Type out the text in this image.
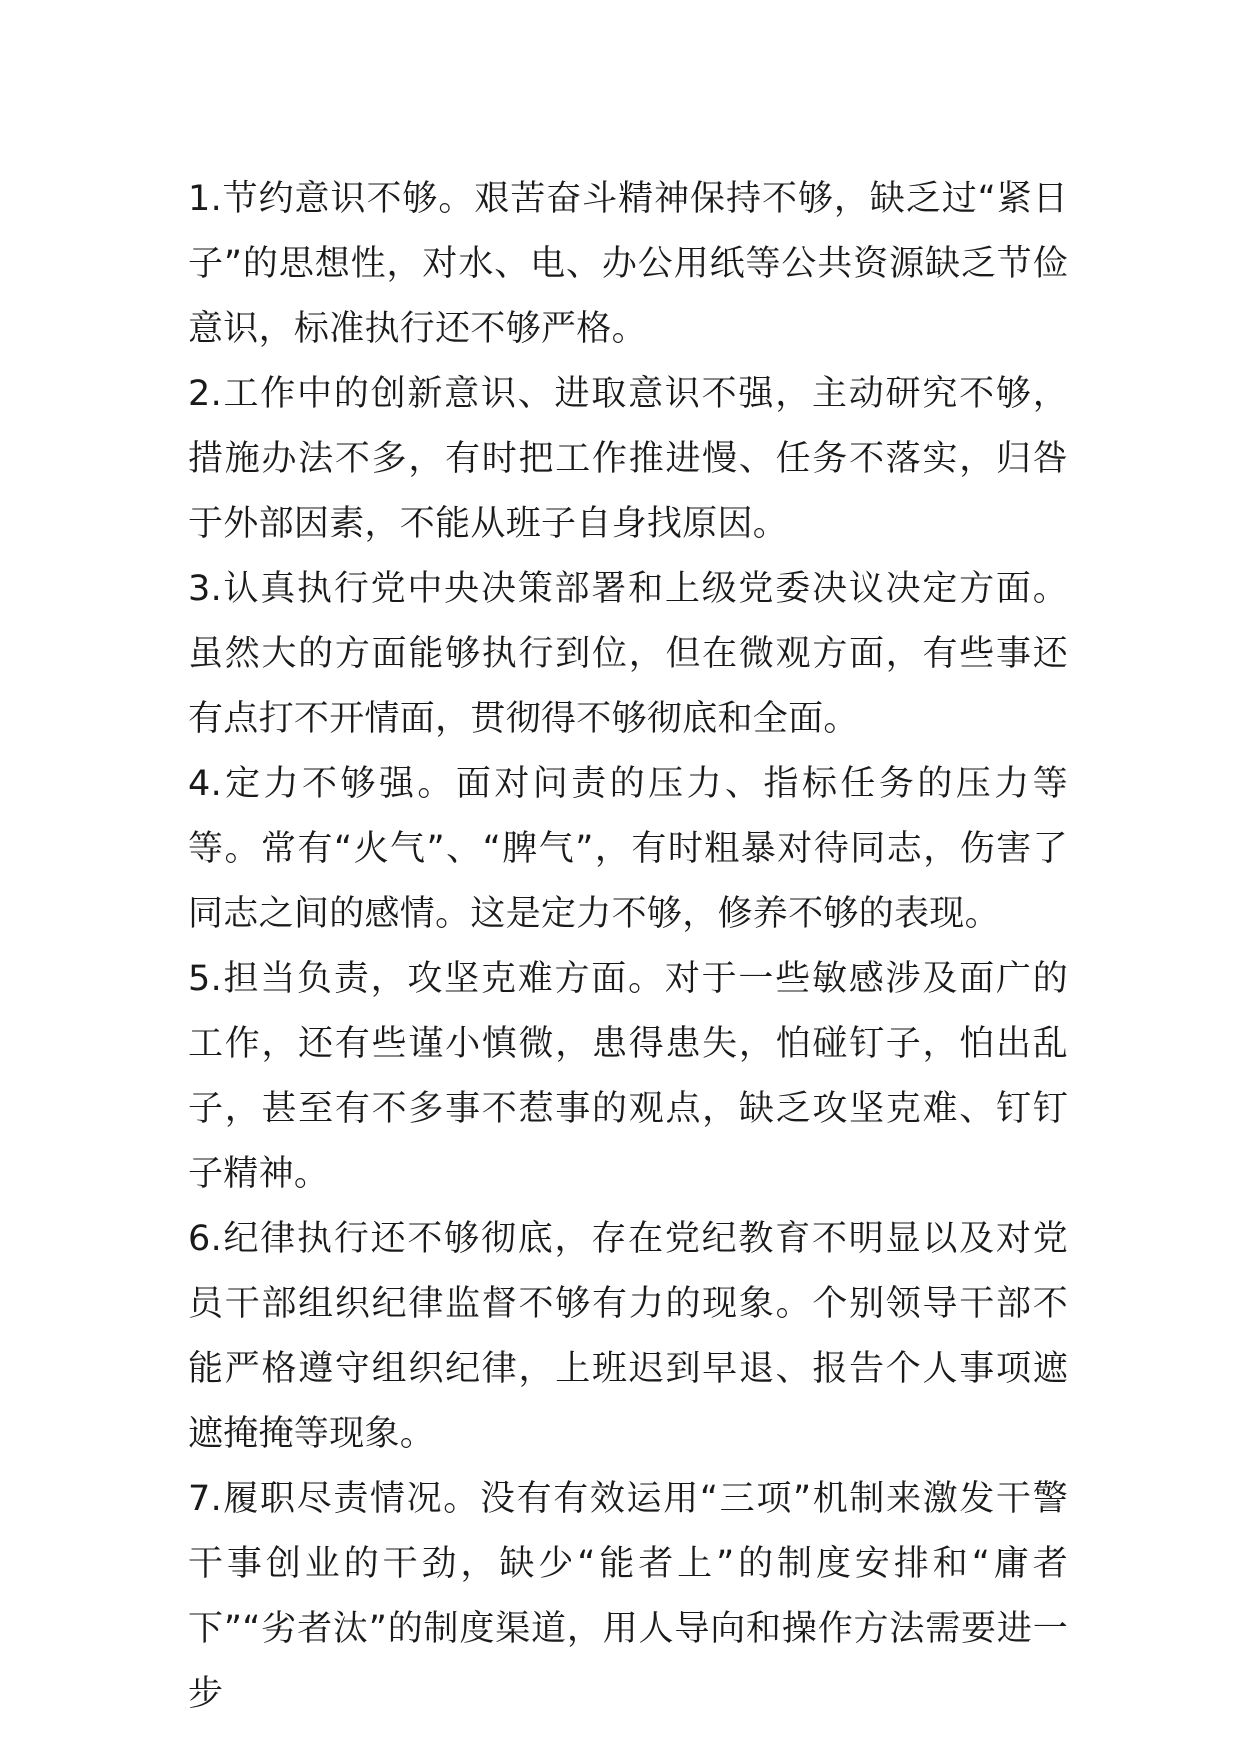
1.节约意识不够。艰苦奋斗精神保持不够，缺乏过“紧日子”的思想性，对水、电、办公用纸等公共资源缺乏节俭意识，标准执行还不够严格。

2.工作中的创新意识、进取意识不强，主动研究不够，措施办法不多，有时把工作推进慢、任务不落实，归咎于外部因素，不能从班子自身找原因。

3.认真执行党中央决策部署和上级党委决议决定方面。虽然大的方面能够执行到位，但在微观方面，有些事还有点打不开情面，贯彻得不够彻底和全面。

4.定力不够强。面对问责的压力、指标任务的压力等等。常有“火气”、“脾气”，有时粗暴对待同志，伤害了同志之间的感情。这是定力不够，修养不够的表现。

5.担当负责，攻坚克难方面。对于一些敏感涉及面广的工作，还有些谨小慎微，患得患失，怕碰钉子，怕出乱子，甚至有不多事不惹事的观点，缺乏攻坚克难、钉钉子精神。

6.纪律执行还不够彻底，存在党纪教育不明显以及对党员干部组织纪律监督不够有力的现象。个别领导干部不能严格遵守组织纪律，上班迟到早退、报告个人事项遮遮掩掩等现象。

7.履职尽责情况。没有有效运用“三项”机制来激发干警干事创业的干劲，缺少“能者上”的制度安排和“庸者下”“劣者汰”的制度渠道，用人导向和操作方法需要进一步
